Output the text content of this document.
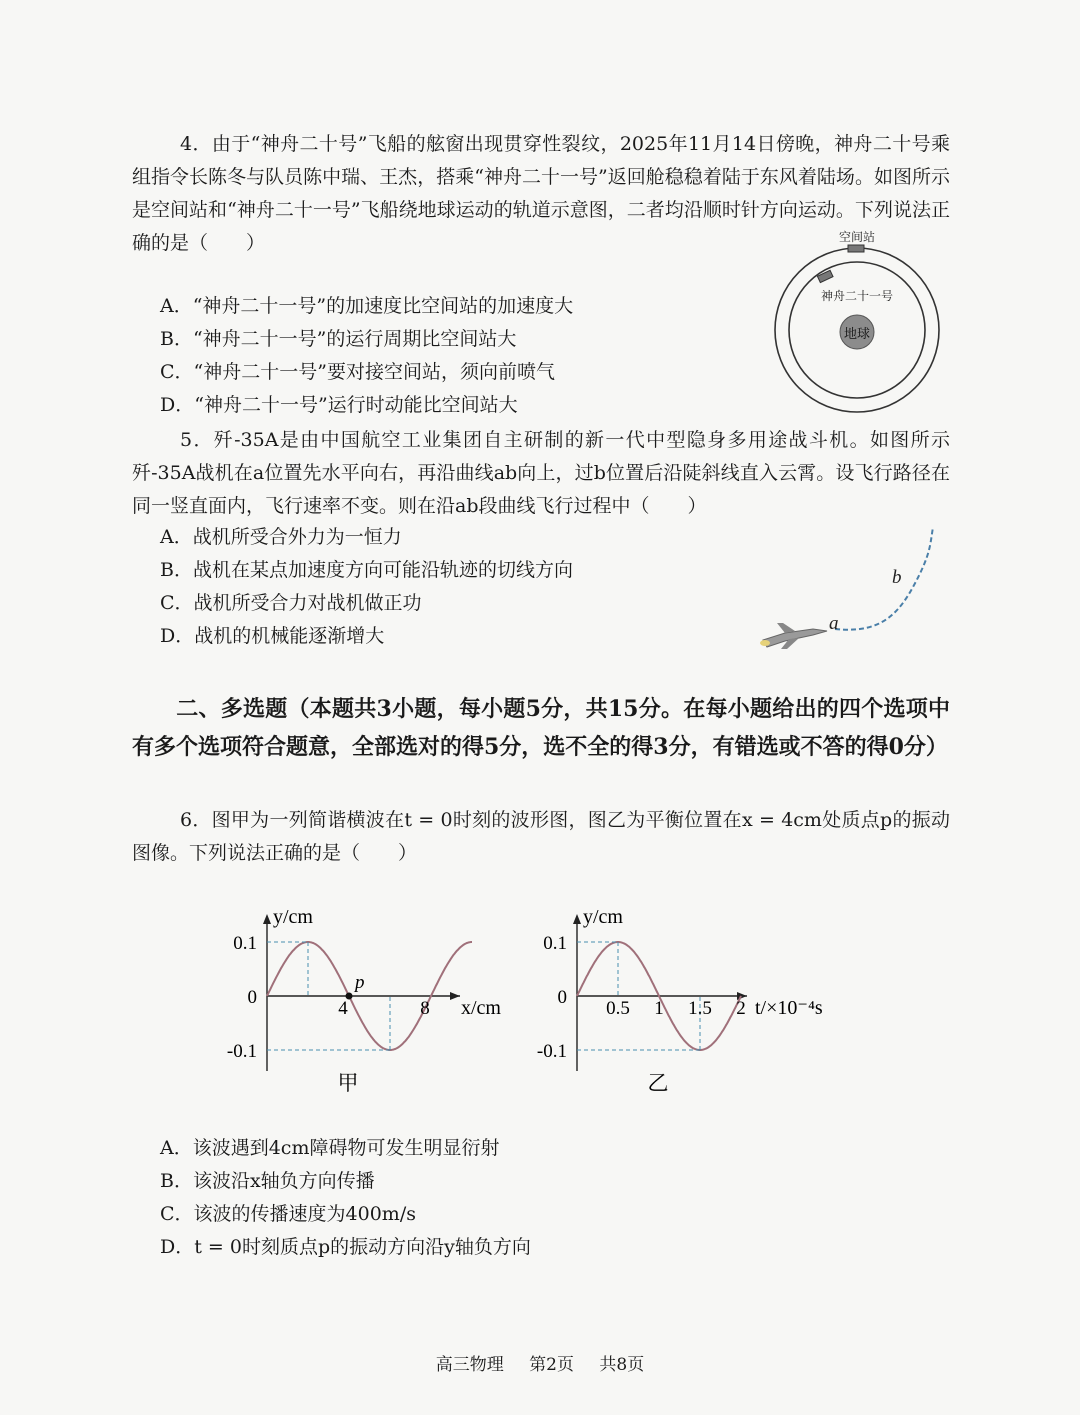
4．由于“神舟二十号”飞船的舷窗出现贯穿性裂纹，2025年11月14日傍晚，神舟二十号乘组指令长陈冬与队员陈中瑞、王杰，搭乘“神舟二十一号”返回舱稳稳着陆于东风着陆场。如图所示是空间站和“神舟二十一号”飞船绕地球运动的轨道示意图，二者均沿顺时针方向运动。下列说法正确的是（　　）
A．“神舟二十一号”的加速度比空间站的加速度大
B．“神舟二十一号”的运行周期比空间站大
C．“神舟二十一号”要对接空间站，须向前喷气
D．“神舟二十一号”运行时动能比空间站大
地球
空间站
神舟二十一号
5．歼-35A是由中国航空工业集团自主研制的新一代中型隐身多用途战斗机。如图所示歼-35A战机在a位置先水平向右，再沿曲线ab向上，过b位置后沿陡斜线直入云霄。设飞行路径在同一竖直面内，飞行速率不变。则在沿ab段曲线飞行过程中（　　）
A．战机所受合外力为一恒力
B．战机在某点加速度方向可能沿轨迹的切线方向
C．战机所受合力对战机做正功
D．战机的机械能逐渐增大
a
b
二、多选题（本题共3小题，每小题5分，共15分。在每小题给出的四个选项中有多个选项符合题意，全部选对的得5分，选不全的得3分，有错选或不答的得0分）
6．图甲为一列简谐横波在t = 0时刻的波形图，图乙为平衡位置在x = 4cm处质点p的振动图像。下列说法正确的是（　　）
y/cm
x/cm
0.1
0
-0.1
4	8
甲
p
y/cm
t/×10⁻⁴s
0.1
0
-0.1
0.5 1 1.5 2
乙
A．该波遇到4cm障碍物可发生明显衍射
B．该波沿x轴负方向传播
C．该波的传播速度为400m/s
D．t = 0时刻质点p的振动方向沿y轴负方向
高三物理 第2页 共8页
